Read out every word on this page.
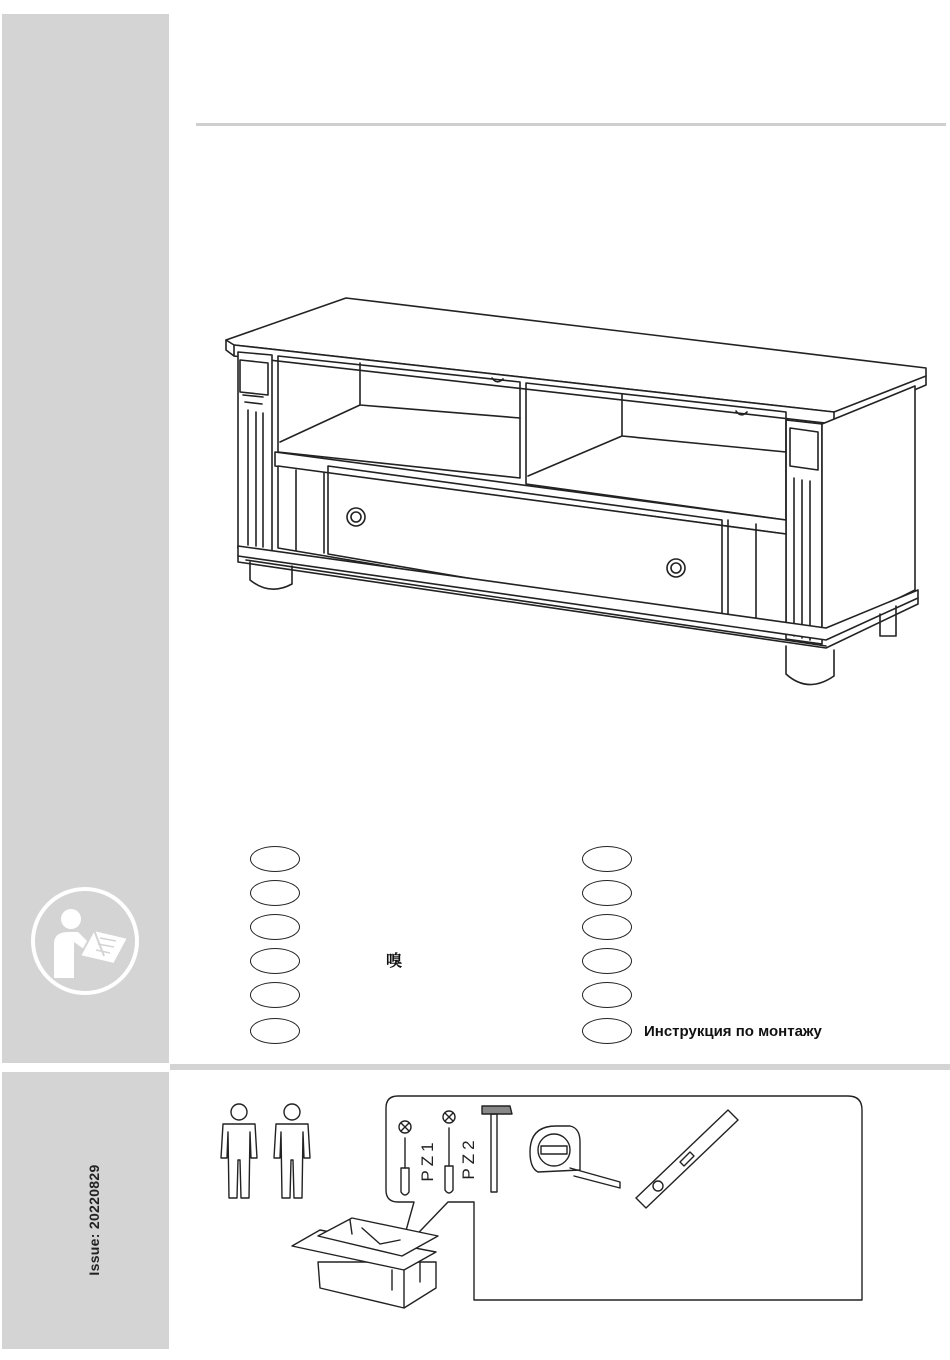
Issue: 20220829
嗅
Инструкция по монтажу
PZ1 PZ2
